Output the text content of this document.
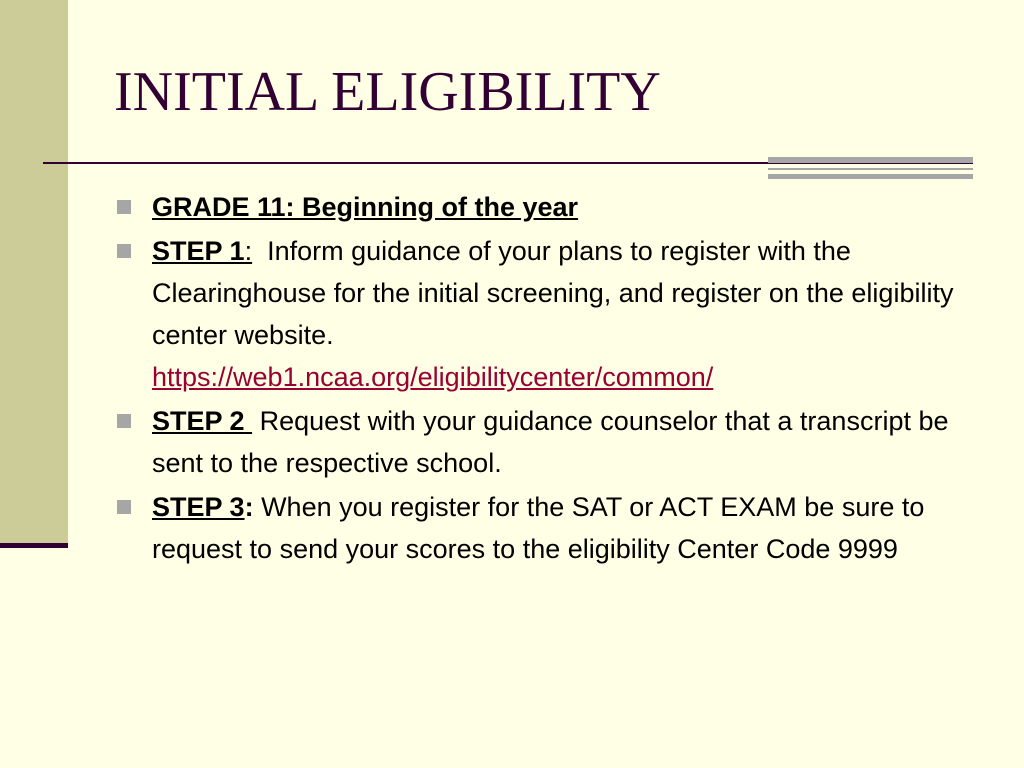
INITIAL ELIGIBILITY
GRADE 11: Beginning of the year
STEP 1: Inform guidance of your plans to register with the Clearinghouse for the initial screening, and register on the eligibility center website.
https://web1.ncaa.org/eligibilitycenter/common/
STEP 2 Request with your guidance counselor that a transcript be sent to the respective school.
STEP 3: When you register for the SAT or ACT EXAM be sure to request to send your scores to the eligibility Center Code 9999
